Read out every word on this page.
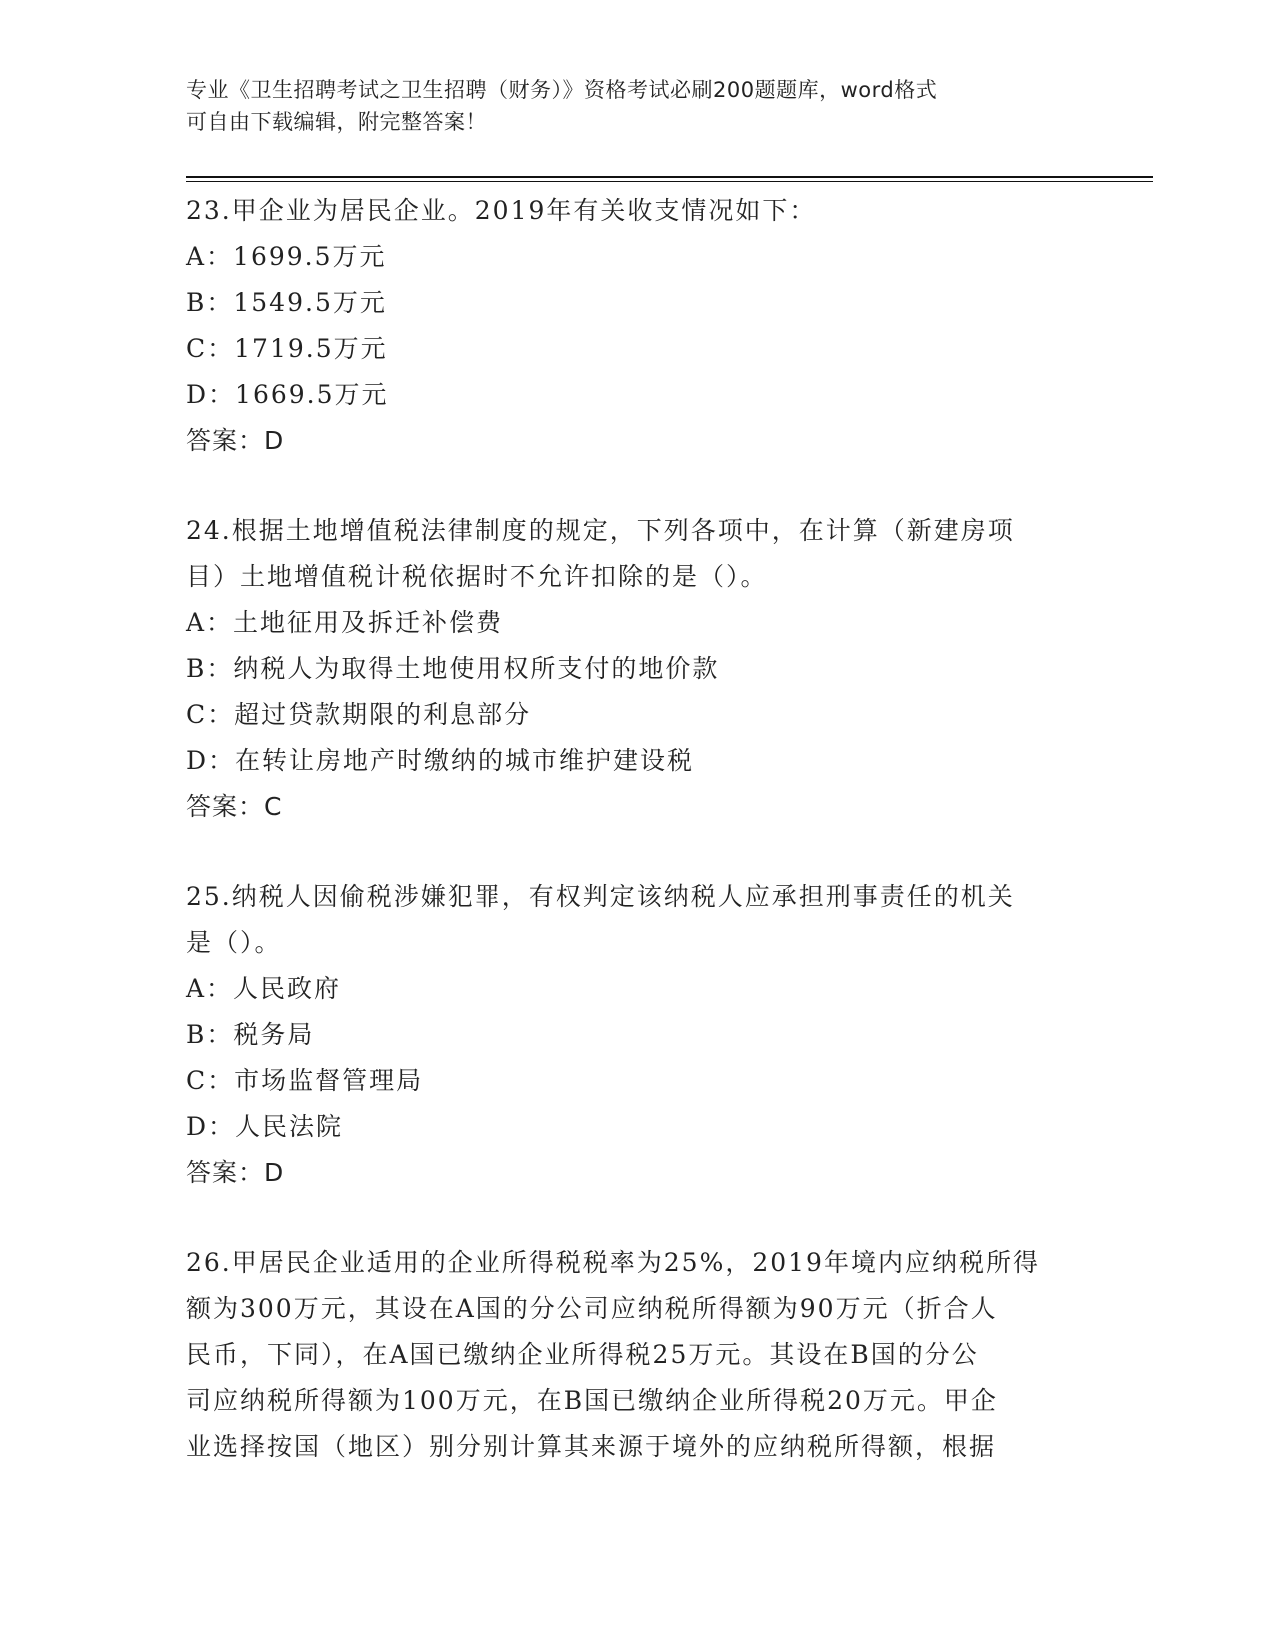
专业《卫生招聘考试之卫生招聘（财务）》资格考试必刷200题题库，word格式
可自由下载编辑，附完整答案！
23.甲企业为居民企业。2019年有关收支情况如下：
A：1699.5万元
B：1549.5万元
C：1719.5万元
D：1669.5万元
答案：D
24.根据土地增值税法律制度的规定，下列各项中，在计算（新建房项
目）土地增值税计税依据时不允许扣除的是（）。
A：土地征用及拆迁补偿费
B：纳税人为取得土地使用权所支付的地价款
C：超过贷款期限的利息部分
D：在转让房地产时缴纳的城市维护建设税
答案：C
25.纳税人因偷税涉嫌犯罪，有权判定该纳税人应承担刑事责任的机关
是（）。
A：人民政府
B：税务局
C：市场监督管理局
D：人民法院
答案：D
26.甲居民企业适用的企业所得税税率为25%，2019年境内应纳税所得
额为300万元，其设在A国的分公司应纳税所得额为90万元（折合人
民币，下同），在A国已缴纳企业所得税25万元。其设在B国的分公
司应纳税所得额为100万元，在B国已缴纳企业所得税20万元。甲企
业选择按国（地区）别分别计算其来源于境外的应纳税所得额，根据
